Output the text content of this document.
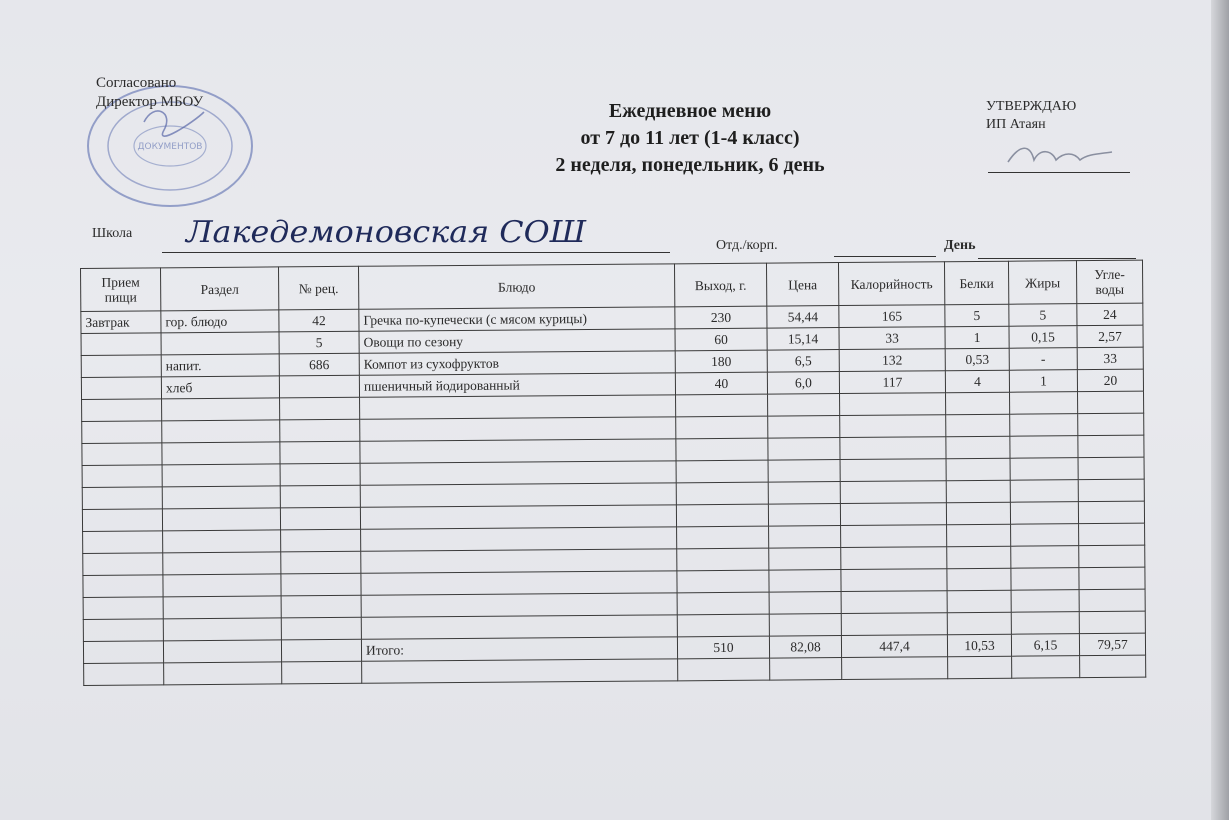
ДОКУМЕНТОВ
Согласовано
Директор МБОУ	Ежедневное меню
от 7 до 11 лет (1-4 класс)
2 неделя, понедельник, 6 день
УТВЕРЖДАЮ
ИП Атаян
Школа Лакедемоновская СОШ	Отд./корп.	День
Прием пищи	Раздел	№ рец.	Блюдо	Выход, г.	Цена	Калорийность	Белки	Жиры	Угле-воды
Завтрак	гор. блюдо	42	Гречка по-купечески (с мясом курицы)	230	54,44	165	5	5	24
		5	Овощи по сезону	60	15,14	33	1	0,15	2,57
	напит.	686	Компот из сухофруктов	180	6,5	132	0,53	-	33
	хлеб		пшеничный йодированный	40	6,0	117	4	1	20

			Итого:	510	82,08	447,4	10,53	6,15	79,57
